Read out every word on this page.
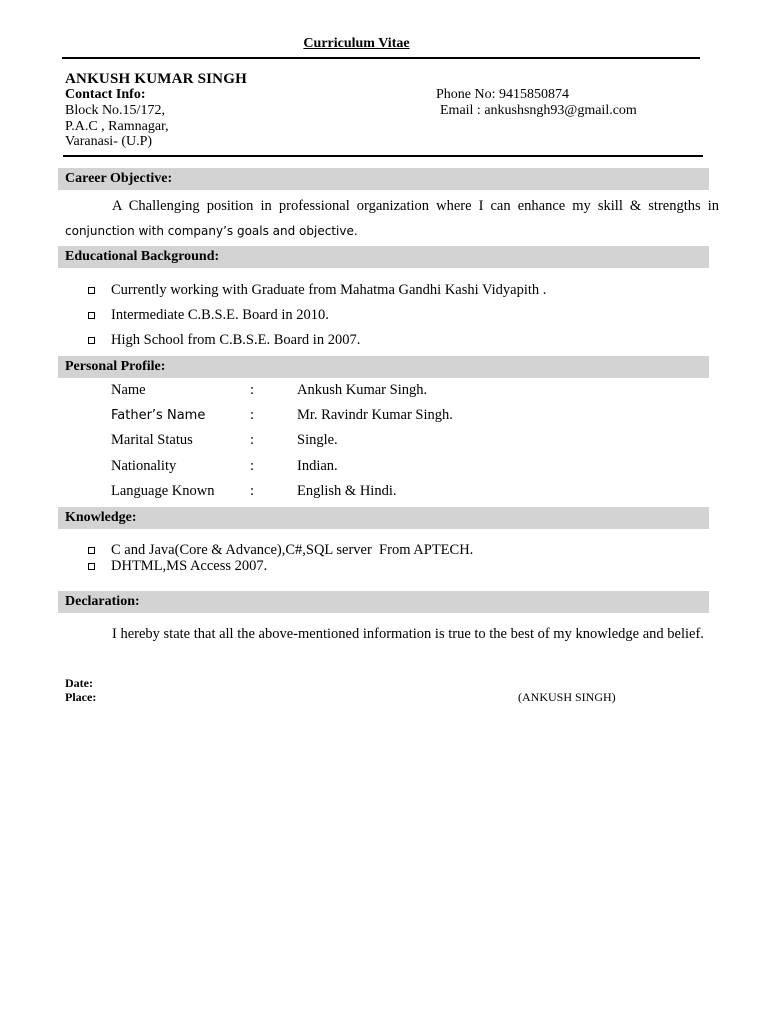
Curriculum Vitae
ANKUSH KUMAR SINGH
Contact Info:
Block No.15/172,
P.A.C , Ramnagar,
Varanasi- (U.P)
Phone No: 9415850874
Email : ankushsngh93@gmail.com
Career Objective:
A Challenging position in professional organization where I can enhance my skill & strengths in
conjunction with company’s goals and objective.
Educational Background:
Currently working with Graduate from Mahatma Gandhi Kashi Vidyapith .
Intermediate C.B.S.E. Board in 2010.
High School from C.B.S.E. Board in 2007.
Personal Profile:
Name	:	Ankush Kumar Singh.
Father’s Name	:	Mr. Ravindr Kumar Singh.
Marital Status	:	Single.
Nationality	:	Indian.
Language Known :	English & Hindi.
Knowledge:
C and Java(Core & Advance),C#,SQL server  From APTECH.
DHTML,MS Access 2007.
Declaration:
I hereby state that all the above-mentioned information is true to the best of my knowledge and belief.
Date:
Place:	(ANKUSH SINGH)
